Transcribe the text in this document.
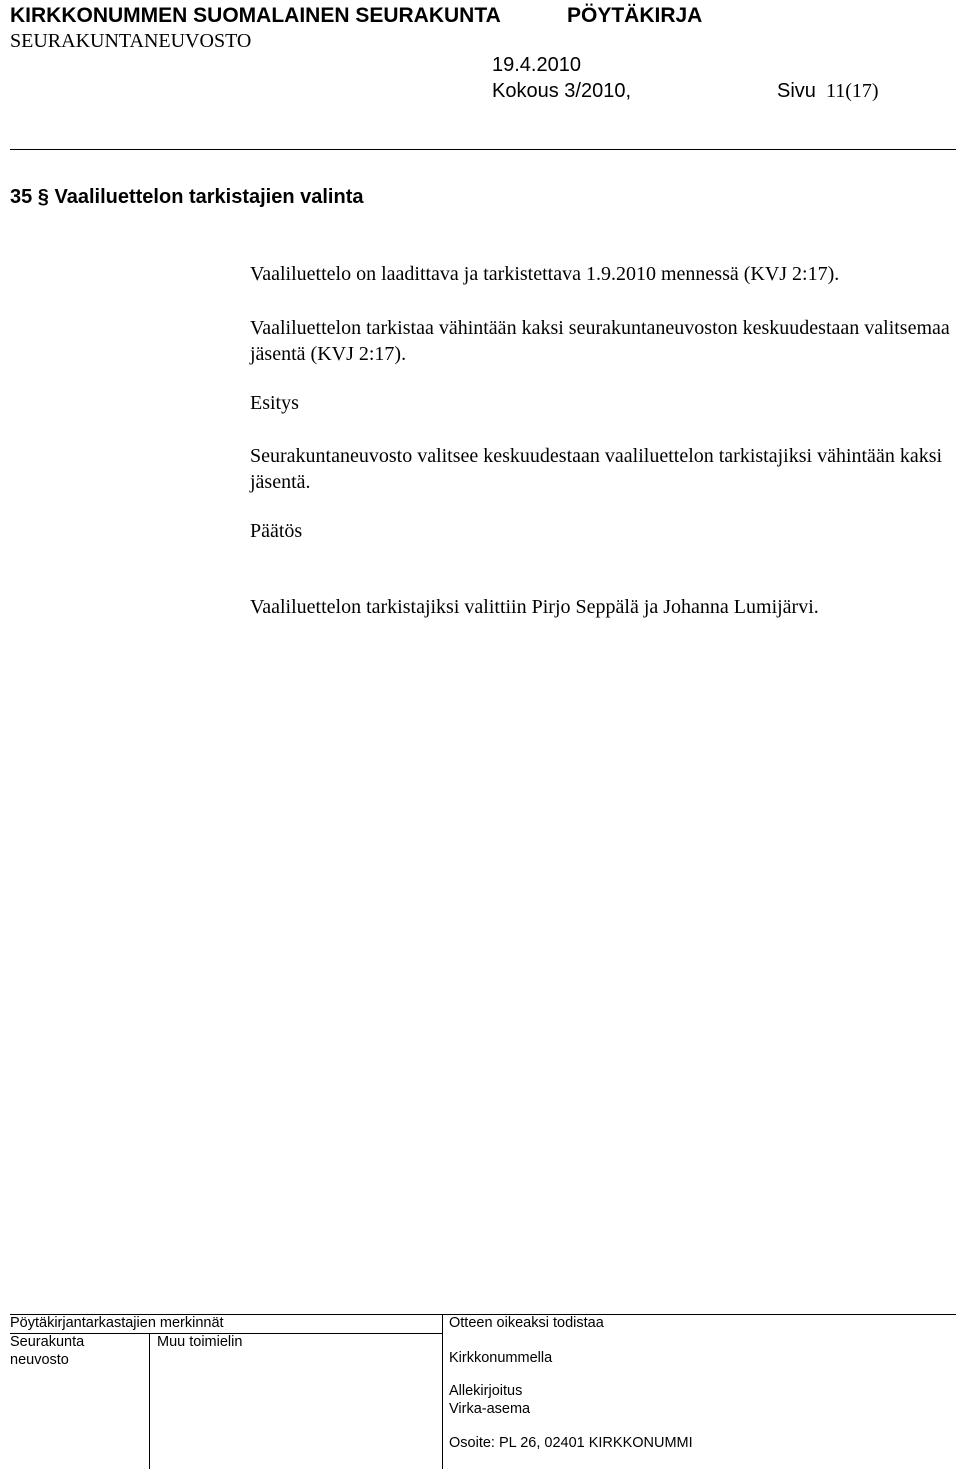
KIRKKONUMMEN SUOMALAINEN SEURAKUNTA	PÖYTÄKIRJA
SEURAKUNTANEUVOSTO
19.4.2010
Kokous 3/2010,	Sivu 11(17)
35 § Vaaliluettelon tarkistajien valinta
Vaaliluettelo on laadittava ja tarkistettava 1.9.2010 mennessä (KVJ 2:17).
Vaaliluettelon tarkistaa vähintään kaksi seurakuntaneuvoston keskuudestaan valitsemaa jäsentä (KVJ 2:17).
Esitys
Seurakuntaneuvosto valitsee keskuudestaan vaaliluettelon tarkistajiksi vähintään kaksi jäsentä.
Päätös
Vaaliluettelon tarkistajiksi valittiin Pirjo Seppälä ja Johanna Lumijärvi.
Pöytäkirjantarkastajien merkinnät
Seurakunta
neuvosto
Muu toimielin
Otteen oikeaksi todistaa
Kirkkonummella
Allekirjoitus
Virka-asema
Osoite: PL 26, 02401 KIRKKONUMMI
